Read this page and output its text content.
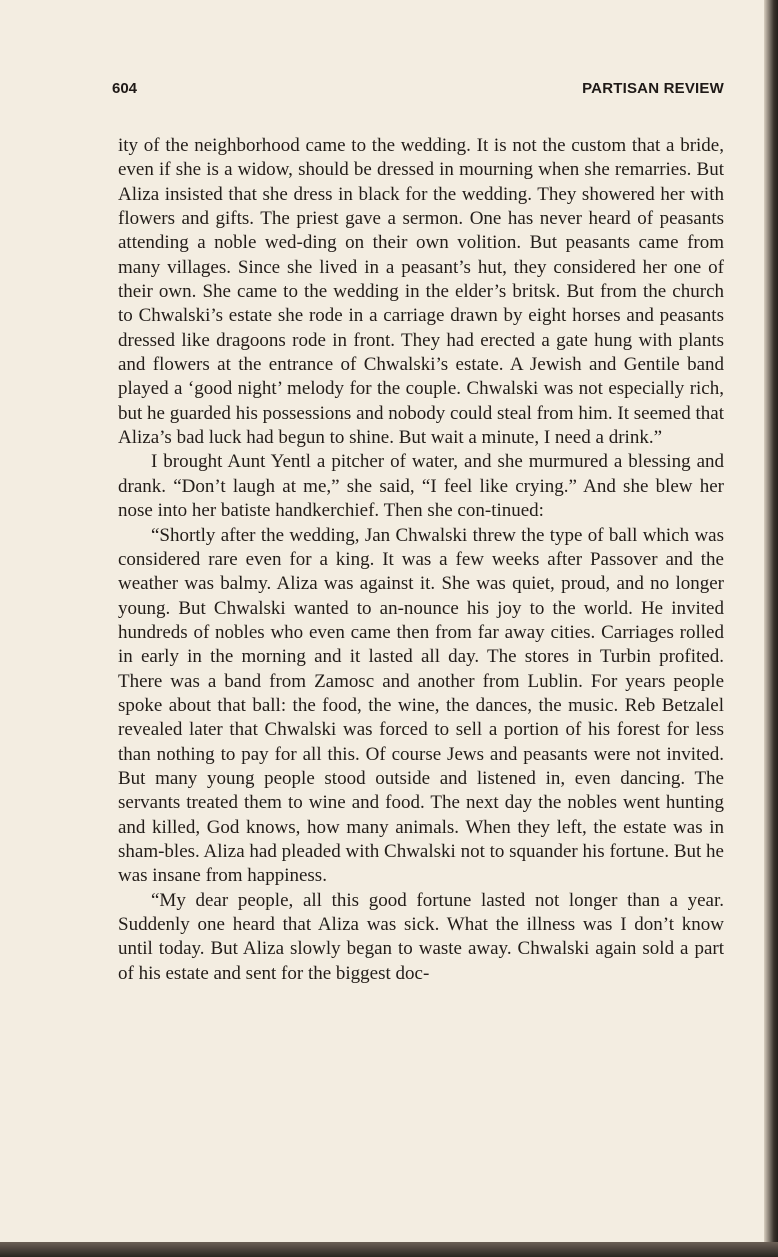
604	PARTISAN REVIEW

ity of the neighborhood came to the wedding. It is not the custom that a bride, even if she is a widow, should be dressed in mourning when she remarries. But Aliza insisted that she dress in black for the wedding. They showered her with flowers and gifts. The priest gave a sermon. One has never heard of peasants attending a noble wed-ding on their own volition. But peasants came from many villages. Since she lived in a peasant’s hut, they considered her one of their own. She came to the wedding in the elder’s britsk. But from the church to Chwalski’s estate she rode in a carriage drawn by eight horses and peasants dressed like dragoons rode in front. They had erected a gate hung with plants and flowers at the entrance of Chwalski’s estate. A Jewish and Gentile band played a ‘good night’ melody for the couple. Chwalski was not especially rich, but he guarded his possessions and nobody could steal from him. It seemed that Aliza’s bad luck had begun to shine. But wait a minute, I need a drink.”

I brought Aunt Yentl a pitcher of water, and she murmured a blessing and drank. “Don’t laugh at me,” she said, “I feel like crying.” And she blew her nose into her batiste handkerchief. Then she con-tinued:

“Shortly after the wedding, Jan Chwalski threw the type of ball which was considered rare even for a king. It was a few weeks after Passover and the weather was balmy. Aliza was against it. She was quiet, proud, and no longer young. But Chwalski wanted to an-nounce his joy to the world. He invited hundreds of nobles who even came then from far away cities. Carriages rolled in early in the morning and it lasted all day. The stores in Turbin profited. There was a band from Zamosc and another from Lublin. For years people spoke about that ball: the food, the wine, the dances, the music. Reb Betzalel revealed later that Chwalski was forced to sell a portion of his forest for less than nothing to pay for all this. Of course Jews and peasants were not invited. But many young people stood outside and listened in, even dancing. The servants treated them to wine and food. The next day the nobles went hunting and killed, God knows, how many animals. When they left, the estate was in sham-bles. Aliza had pleaded with Chwalski not to squander his fortune. But he was insane from happiness.

“My dear people, all this good fortune lasted not longer than a year. Suddenly one heard that Aliza was sick. What the illness was I don’t know until today. But Aliza slowly began to waste away. Chwalski again sold a part of his estate and sent for the biggest doc-
